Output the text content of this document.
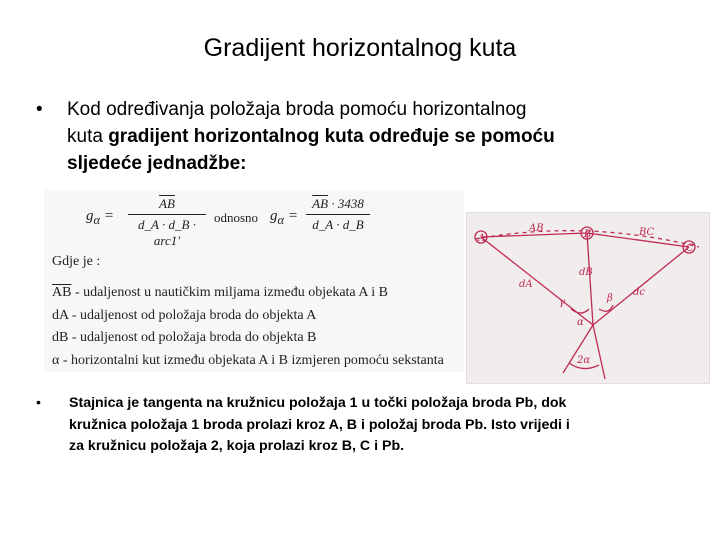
Gradijent horizontalnog kuta
•	Kod određivanja položaja broda pomoću horizontalnog kuta gradijent horizontalnog kuta određuje se pomoću sljedeće jednadžbe:
$g_\alpha$ =
$\overline{AB}$
d_A · d_B · arc1'
odnosno $g_\alpha = \frac{\overline{AB} \cdot 3438}{d\_A \cdot d\_B}$
Gdje je :
$\overline{AB}$ - udaljenost u nautičkim miljama između objekata A i B
dA - udaljenost od položaja broda do objekta A
dB - udaljenost od položaja broda do objekta B
α - horizontalni kut između objekata A i B izmjeren pomoću sekstanta
A	B
C
AB	BC
dA
dB
dc
α
β
γ
2α
•	Stajnica je tangenta na kružnicu položaja 1 u točki položaja broda Pb, dok kružnica položaja 1 broda prolazi kroz A, B i položaj broda Pb. Isto vrijedi i za kružnicu položaja 2, koja prolazi kroz B, C i Pb.
